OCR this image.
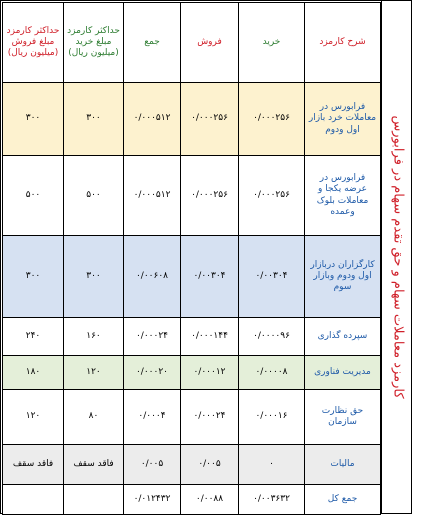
کارمزد معاملات سهام و حق تقدم سهام در فرابورس
شرح کارمزد	خرید	فروش	جمع	حداکثر کارمزد مبلغ خرید (میلیون ریال)	حداکثر کارمزد مبلغ فروش (میلیون ریال)
فرابورس در معاملات خرد بازار اول ودوم	۰/۰۰۰۲۵۶	۰/۰۰۰۲۵۶	۰/۰۰۰۵۱۲	۳۰۰	۳۰۰
فرابورس در عرضه یکجا و معاملات بلوک وعمده	۰/۰۰۰۲۵۶	۰/۰۰۰۲۵۶	۰/۰۰۰۵۱۲	۵۰۰	۵۰۰
کارگزاران دربازار اول ودوم وبازار سوم	۰/۰۰۳۰۴	۰/۰۰۳۰۴	۰/۰۰۶۰۸	۳۰۰	۳۰۰
سپرده گذاری	۰/۰۰۰۰۹۶	۰/۰۰۰۱۴۴	۰/۰۰۰۲۴	۱۶۰	۲۴۰
مدیریت فناوری	۰/۰۰۰۰۸	۰/۰۰۰۱۲	۰/۰۰۰۲۰	۱۲۰	۱۸۰
حق نظارت سازمان	۰/۰۰۰۱۶	۰/۰۰۰۲۴	۰/۰۰۰۴	۸۰	۱۲۰
مالیات	۰	۰/۰۰۵	۰/۰۰۵	فاقد سقف	فاقد سقف
جمع کل	۰/۰۰۳۶۳۲	۰/۰۰۸۸	۰/۰۱۲۴۳۲		
